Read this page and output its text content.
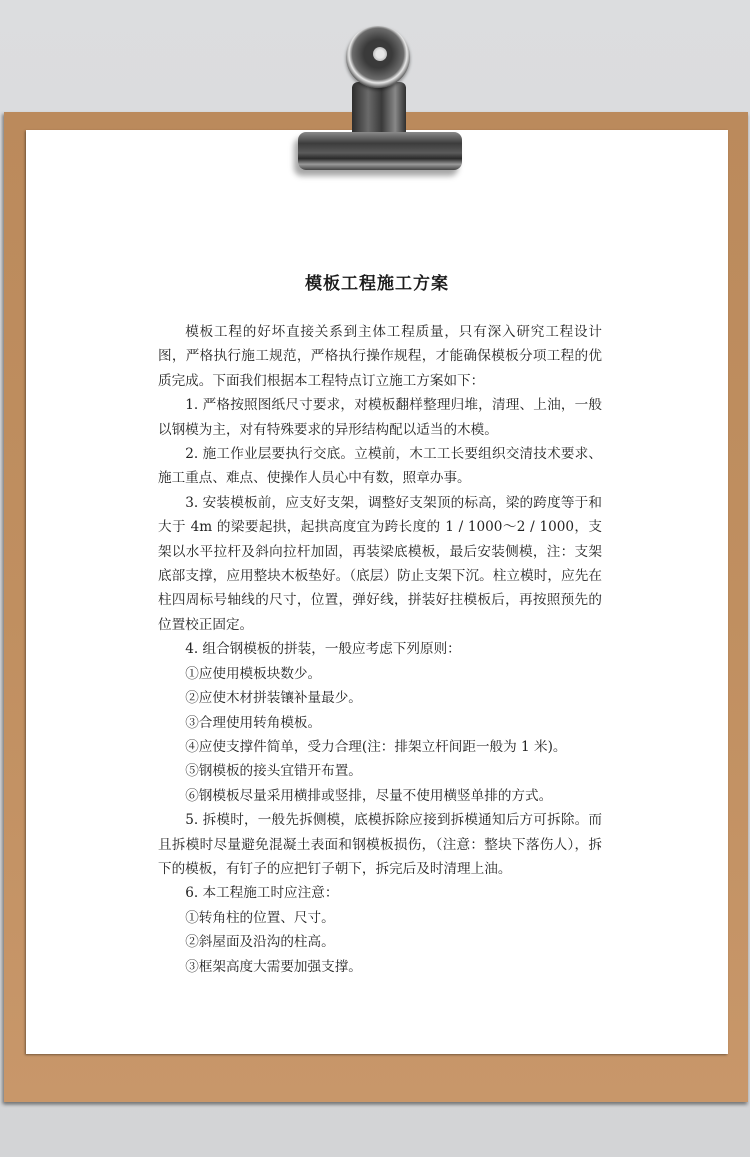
模板工程施工方案

模板工程的好坏直接关系到主体工程质量，只有深入研究工程设计图，严格执行施工规范，严格执行操作规程，才能确保模板分项工程的优质完成。下面我们根据本工程特点订立施工方案如下：

1. 严格按照图纸尺寸要求，对模板翻样整理归堆，清理、上油，一般以钢模为主，对有特殊要求的异形结构配以适当的木模。

2. 施工作业层要执行交底。立模前，木工工长要组织交清技术要求、施工重点、难点、使操作人员心中有数，照章办事。

3. 安装模板前，应支好支架，调整好支架顶的标高，梁的跨度等于和大于 4m 的梁要起拱，起拱高度宜为跨长度的 1 / 1000～2 / 1000，支架以水平拉杆及斜向拉杆加固，再装梁底模板，最后安装侧模，注：支架底部支撑，应用整块木板垫好。（底层）防止支架下沉。柱立模时，应先在柱四周标号轴线的尺寸，位置，弹好线，拼装好拄模板后，再按照预先的位置校正固定。

4. 组合钢模板的拼装，一般应考虑下列原则：

①应使用模板块数少。

②应使木材拼装镶补量最少。

③合理使用转角模板。

④应使支撑件简单，受力合理(注：排架立杆间距一般为 1 米)。

⑤钢模板的接头宜错开布置。

⑥钢模板尽量采用横排或竖排，尽量不使用横竖单排的方式。

5. 拆模时，一般先拆侧模，底模拆除应接到拆模通知后方可拆除。而且拆模时尽量避免混凝土表面和钢模板损伤，（注意：整块下落伤人），拆下的模板，有钉子的应把钉子朝下，拆完后及时清理上油。

6. 本工程施工时应注意：

①转角柱的位置、尺寸。

②斜屋面及沿沟的柱高。

③框架高度大需要加强支撑。
